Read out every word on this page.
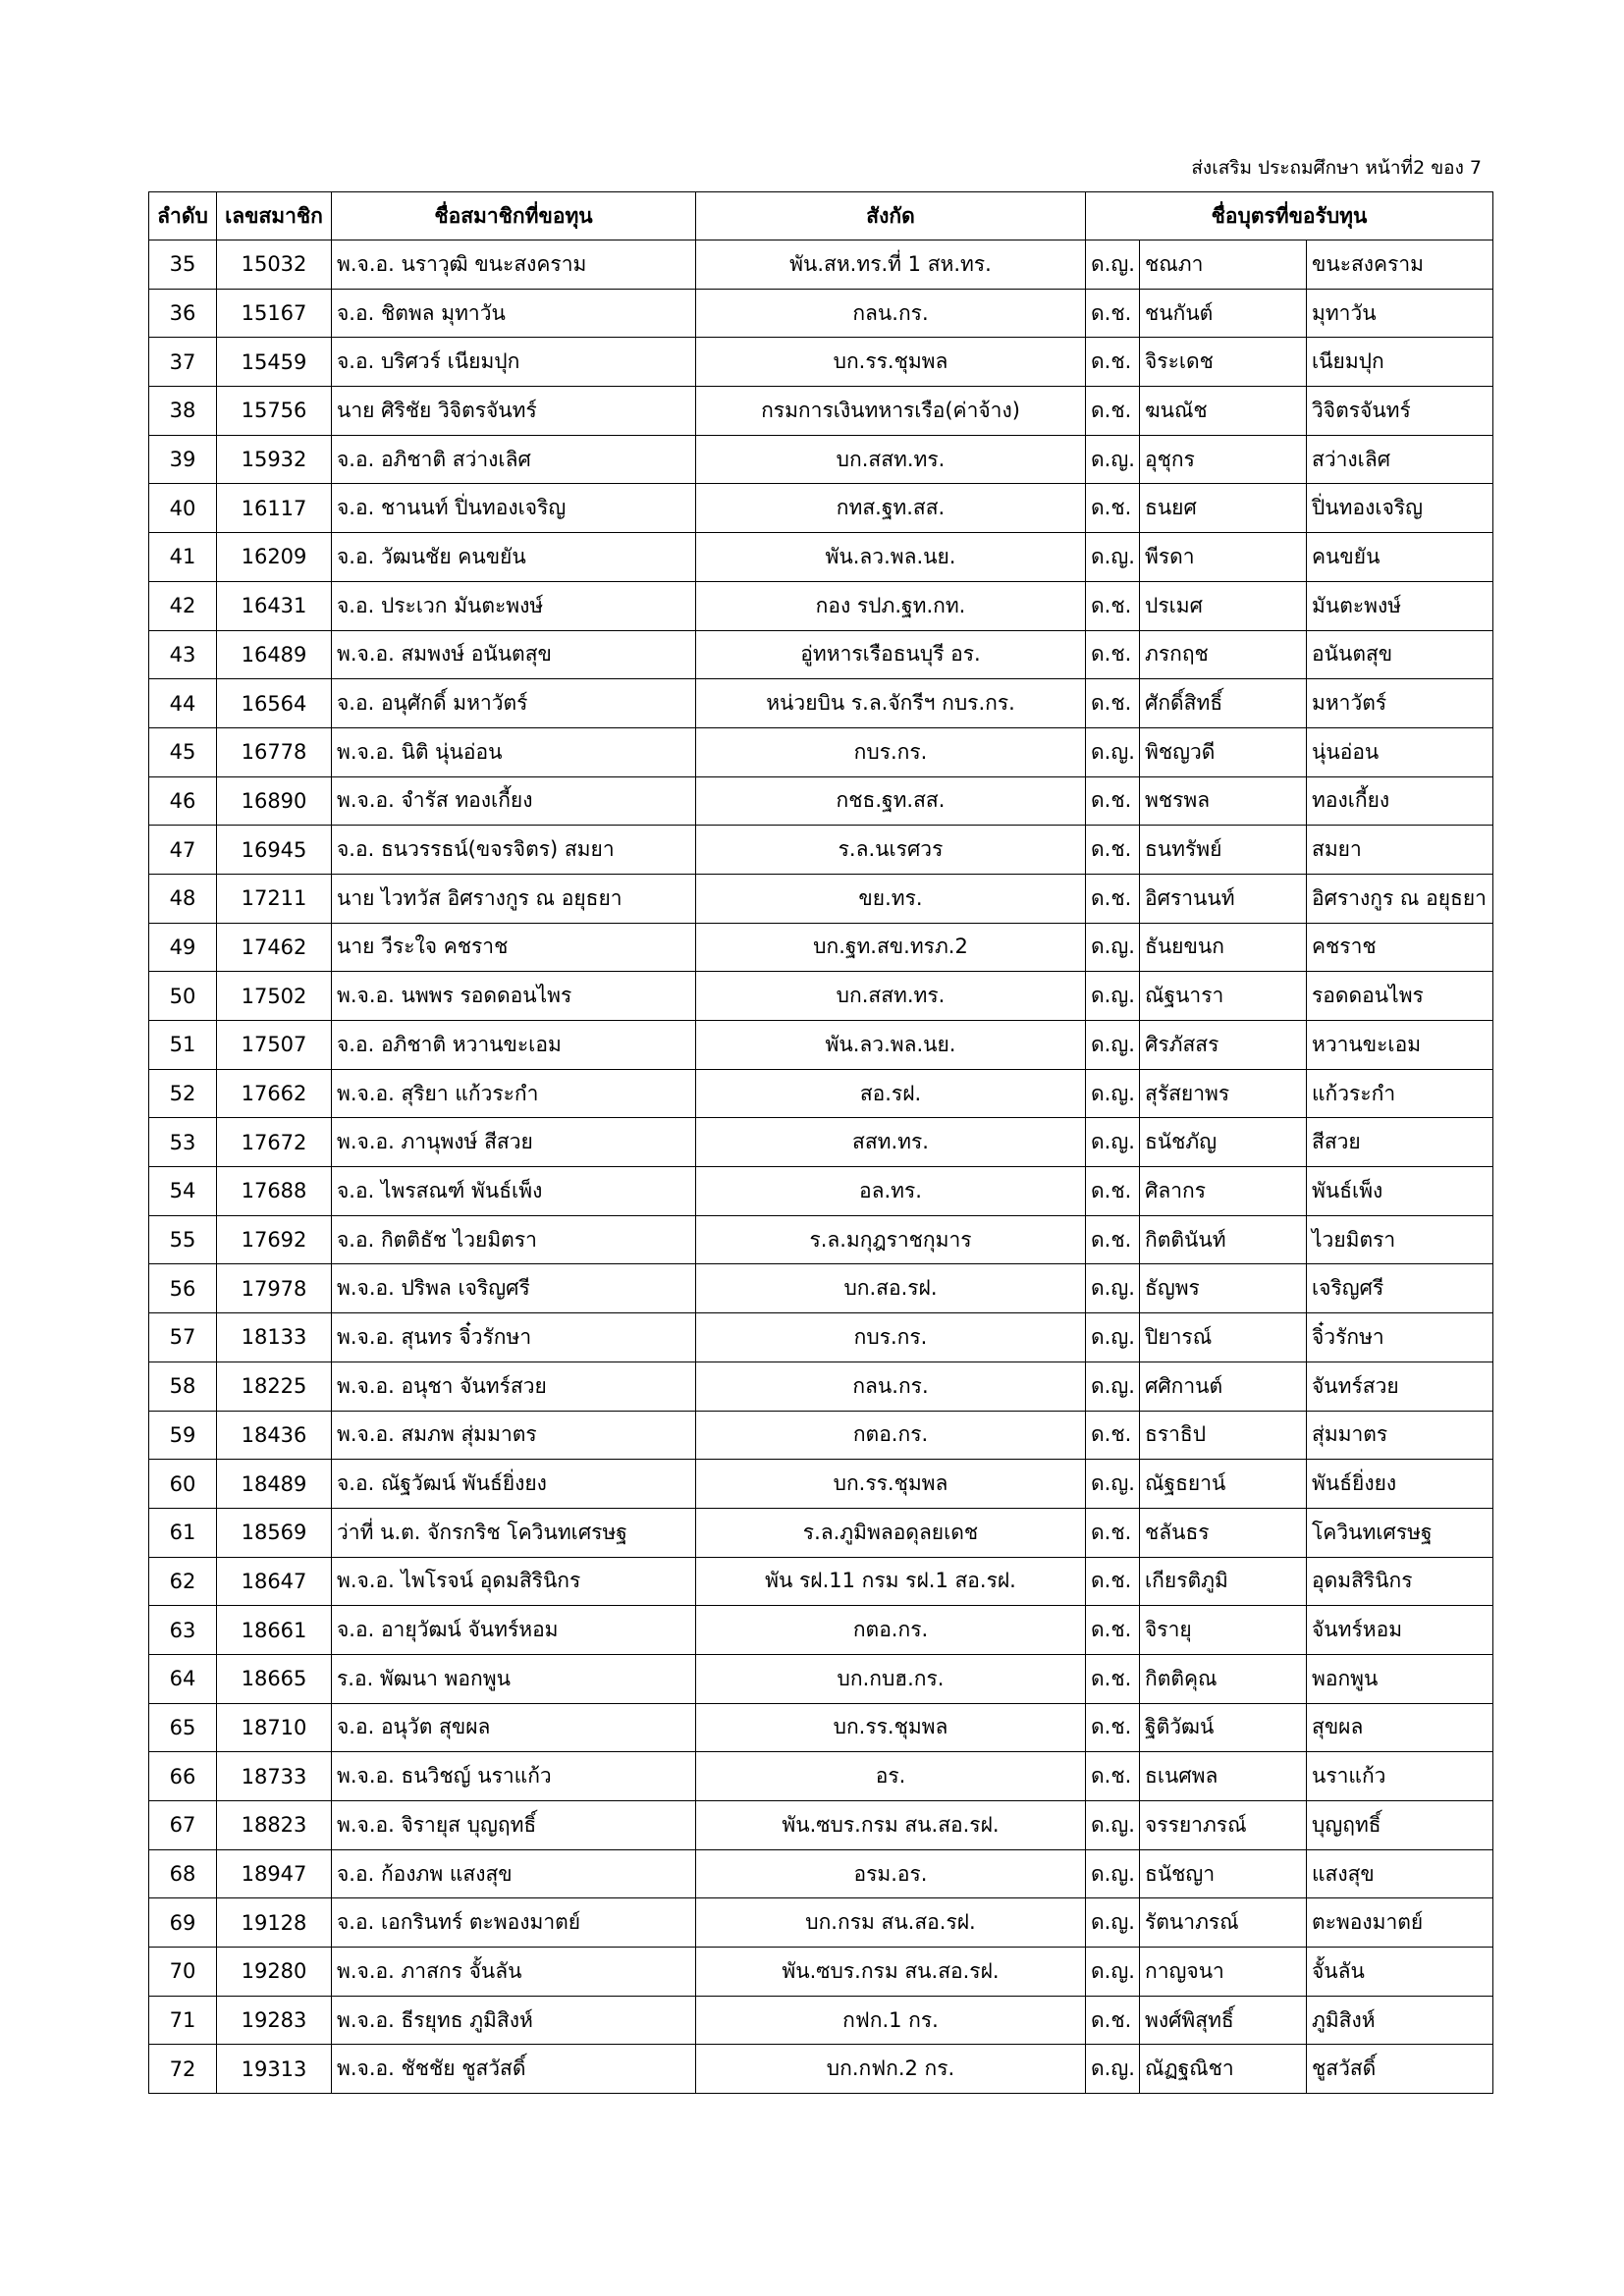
ส่งเสริม ประถมศึกษา หน้าที่2 ของ 7
ลำดับ	เลขสมาชิก	ชื่อสมาชิกที่ขอทุน	สังกัด	ชื่อบุตรที่ขอรับทุน		
35	15032	พ.จ.อ. นราวุฒิ ขนะสงคราม	พัน.สห.ทร.ที่ 1 สห.ทร.	ด.ญ.	ชณภา	ขนะสงคราม
36	15167	จ.อ. ชิตพล มุทาวัน	กลน.กร.	ด.ช.	ชนกันต์	มุทาวัน
37	15459	จ.อ. บริศวร์ เนียมปุก	บก.รร.ชุมพล	ด.ช.	จิระเดช	เนียมปุก
38	15756	นาย ศิริชัย วิจิตรจันทร์	กรมการเงินทหารเรือ(ค่าจ้าง)	ด.ช.	ฆนณัช	วิจิตรจันทร์
39	15932	จ.อ. อภิชาติ สว่างเลิศ	บก.สสท.ทร.	ด.ญ.	อุชุกร	สว่างเลิศ
40	16117	จ.อ. ชานนท์ ปิ่นทองเจริญ	กทส.ฐท.สส.	ด.ช.	ธนยศ	ปิ่นทองเจริญ
41	16209	จ.อ. วัฒนชัย คนขยัน	พัน.ลว.พล.นย.	ด.ญ.	พีรดา	คนขยัน
42	16431	จ.อ. ประเวก มันตะพงษ์	กอง รปภ.ฐท.กท.	ด.ช.	ปรเมศ	มันตะพงษ์
43	16489	พ.จ.อ. สมพงษ์ อนันตสุข	อู่ทหารเรือธนบุรี อร.	ด.ช.	ภรกฤช	อนันตสุข
44	16564	จ.อ. อนุศักดิ์ มหาวัตร์	หน่วยบิน ร.ล.จักรีฯ กบร.กร.	ด.ช.	ศักดิ์สิทธิ์	มหาวัตร์
45	16778	พ.จ.อ. นิติ นุ่นอ่อน	กบร.กร.	ด.ญ.	พิชญวดี	นุ่นอ่อน
46	16890	พ.จ.อ. จำรัส ทองเกี้ยง	กชธ.ฐท.สส.	ด.ช.	พชรพล	ทองเกี้ยง
47	16945	จ.อ. ธนวรรธน์(ขจรจิตร) สมยา	ร.ล.นเรศวร	ด.ช.	ธนทรัพย์	สมยา
48	17211	นาย ไวทวัส อิศรางกูร ณ อยุธยา	ขย.ทร.	ด.ช.	อิศรานนท์	อิศรางกูร ณ อยุธยา
49	17462	นาย วีระใจ คชราช	บก.ฐท.สข.ทรภ.2	ด.ญ.	ธันยขนก	คชราช
50	17502	พ.จ.อ. นพพร รอดดอนไพร	บก.สสท.ทร.	ด.ญ.	ณัฐนารา	รอดดอนไพร
51	17507	จ.อ. อภิชาติ หวานขะเอม	พัน.ลว.พล.นย.	ด.ญ.	ศิรภัสสร	หวานขะเอม
52	17662	พ.จ.อ. สุริยา แก้วระกำ	สอ.รฝ.	ด.ญ.	สุรัสยาพร	แก้วระกำ
53	17672	พ.จ.อ. ภานุพงษ์ สีสวย	สสท.ทร.	ด.ญ.	ธนัชภัญ	สีสวย
54	17688	จ.อ. ไพรสณฑ์ พันธ์เพ็ง	อล.ทร.	ด.ช.	ศิลากร	พันธ์เพ็ง
55	17692	จ.อ. กิตติธัช ไวยมิตรา	ร.ล.มกุฎราชกุมาร	ด.ช.	กิตตินันท์	ไวยมิตรา
56	17978	พ.จ.อ. ปริพล เจริญศรี	บก.สอ.รฝ.	ด.ญ.	ธัญพร	เจริญศรี
57	18133	พ.จ.อ. สุนทร จิ๋วรักษา	กบร.กร.	ด.ญ.	ปิยารณ์	จิ๋วรักษา
58	18225	พ.จ.อ. อนุชา จันทร์สวย	กลน.กร.	ด.ญ.	ศศิกานต์	จันทร์สวย
59	18436	พ.จ.อ. สมภพ สุ่มมาตร	กตอ.กร.	ด.ช.	ธราธิป	สุ่มมาตร
60	18489	จ.อ. ณัฐวัฒน์ พันธ์ยิ่งยง	บก.รร.ชุมพล	ด.ญ.	ณัฐธยาน์	พันธ์ยิ่งยง
61	18569	ว่าที่ น.ต. จักรกริช โควินทเศรษฐ	ร.ล.ภูมิพลอดุลยเดช	ด.ช.	ชลันธร	โควินทเศรษฐ
62	18647	พ.จ.อ. ไพโรจน์ อุดมสิรินิกร	พัน รฝ.11 กรม รฝ.1 สอ.รฝ.	ด.ช.	เกียรติภูมิ	อุดมสิรินิกร
63	18661	จ.อ. อายุวัฒน์ จันทร์หอม	กตอ.กร.	ด.ช.	จิรายุ	จันทร์หอม
64	18665	ร.อ. พัฒนา พอกพูน	บก.กบฮ.กร.	ด.ช.	กิตติคุณ	พอกพูน
65	18710	จ.อ. อนุวัต สุขผล	บก.รร.ชุมพล	ด.ช.	ฐิติวัฒน์	สุขผล
66	18733	พ.จ.อ. ธนวิชญ์ นราแก้ว	อร.	ด.ช.	ธเนศพล	นราแก้ว
67	18823	พ.จ.อ. จิรายุส บุญฤทธิ์	พัน.ซบร.กรม สน.สอ.รฝ.	ด.ญ.	จรรยาภรณ์	บุญฤทธิ์
68	18947	จ.อ. ก้องภพ แสงสุข	อรม.อร.	ด.ญ.	ธนัชญา	แสงสุข
69	19128	จ.อ. เอกรินทร์ ตะพองมาตย์	บก.กรม สน.สอ.รฝ.	ด.ญ.	รัตนาภรณ์	ตะพองมาตย์
70	19280	พ.จ.อ. ภาสกร จั้นลัน	พัน.ซบร.กรม สน.สอ.รฝ.	ด.ญ.	กาญจนา	จั้นลัน
71	19283	พ.จ.อ. ธีรยุทธ ภูมิสิงห์	กฟก.1 กร.	ด.ช.	พงศ์พิสุทธิ์	ภูมิสิงห์
72	19313	พ.จ.อ. ชัชชัย ชูสวัสดิ์	บก.กฟก.2 กร.	ด.ญ.	ณัฏฐณิชา	ชูสวัสดิ์
